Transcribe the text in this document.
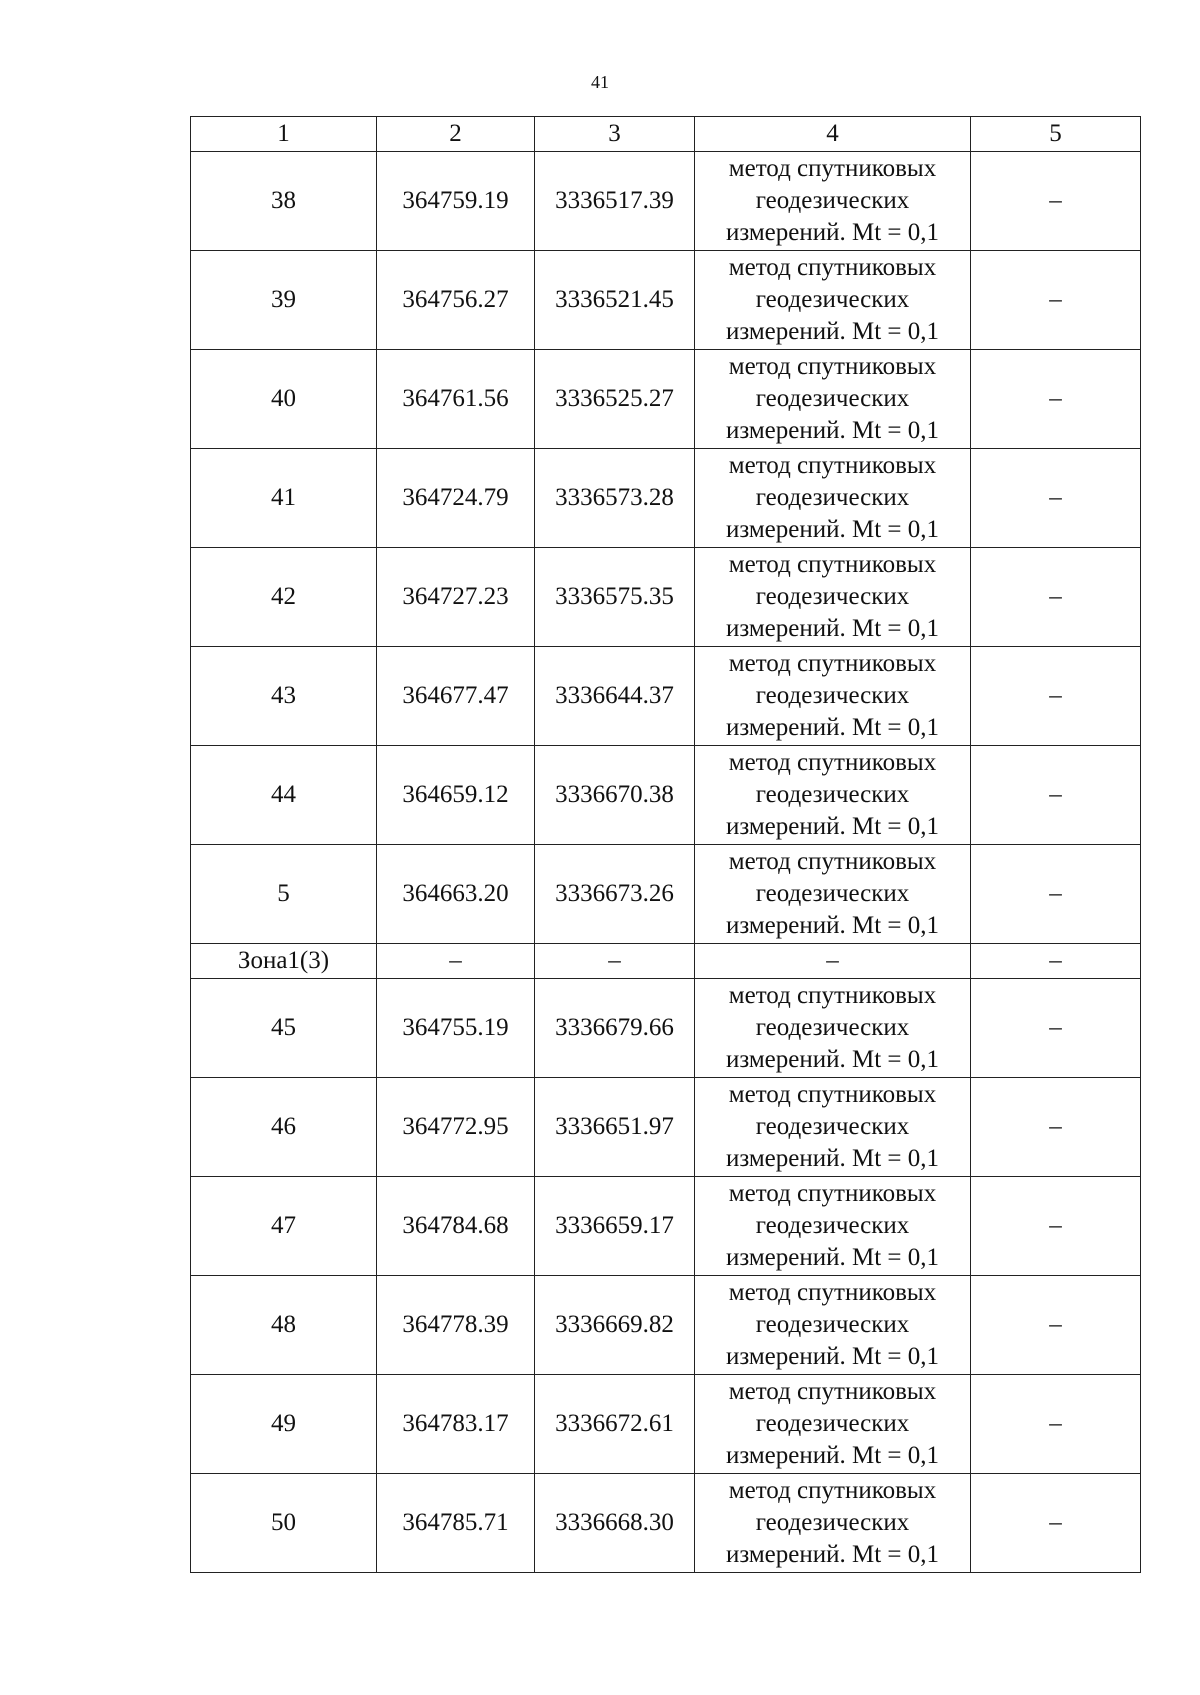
41
1	2	3	4	5
38	364759.19	3336517.39	метод спутниковых
геодезических
измерений. Mt = 0,1	–
39	364756.27	3336521.45	метод спутниковых
геодезических
измерений. Mt = 0,1	–
40	364761.56	3336525.27	метод спутниковых
геодезических
измерений. Mt = 0,1	–
41	364724.79	3336573.28	метод спутниковых
геодезических
измерений. Mt = 0,1	–
42	364727.23	3336575.35	метод спутниковых
геодезических
измерений. Mt = 0,1	–
43	364677.47	3336644.37	метод спутниковых
геодезических
измерений. Mt = 0,1	–
44	364659.12	3336670.38	метод спутниковых
геодезических
измерений. Mt = 0,1	–
5	364663.20	3336673.26	метод спутниковых
геодезических
измерений. Mt = 0,1	–
Зона1(3)	–	–	–	–
45	364755.19	3336679.66	метод спутниковых
геодезических
измерений. Mt = 0,1	–
46	364772.95	3336651.97	метод спутниковых
геодезических
измерений. Mt = 0,1	–
47	364784.68	3336659.17	метод спутниковых
геодезических
измерений. Mt = 0,1	–
48	364778.39	3336669.82	метод спутниковых
геодезических
измерений. Mt = 0,1	–
49	364783.17	3336672.61	метод спутниковых
геодезических
измерений. Mt = 0,1	–
50	364785.71	3336668.30	метод спутниковых
геодезических
измерений. Mt = 0,1	–
